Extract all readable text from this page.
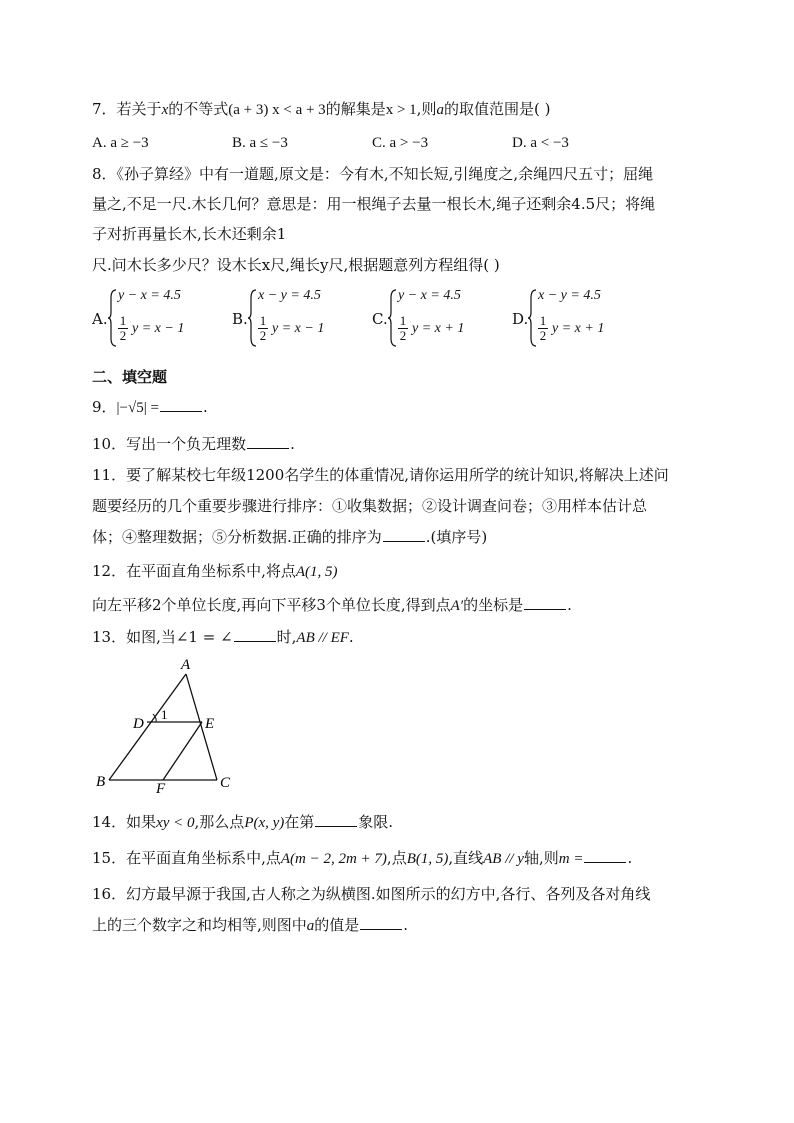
7．若关于x的不等式(a + 3) x < a + 3的解集是x > 1,则a的取值范围是( )
A. a ≥ −3	B. a ≤ −3	C. a > −3	D. a < −3
8．《孙子算经》中有一道题,原文是：今有木,不知长短,引绳度之,余绳四尺五寸；屈绳
量之,不足一尺.木长几何？意思是：用一根绳子去量一根长木,绳子还剩余4.5尺；将绳
子对折再量长木,长木还剩余1
尺.问木长多少尺？设木长x尺,绳长y尺,根据题意列方程组得( )
A.
y − x = 4.5
$\frac{1}{2}$ y = x − 1
B.
x − y = 4.5
$\frac{1}{2}$ y = x − 1
C.
y − x = 4.5
$\frac{1}{2}$ y = x + 1
D.
x − y = 4.5
$\frac{1}{2}$ y = x + 1
二、填空题
9．|−√5| =	.
10．写出一个负无理数	.
11．要了解某校七年级1200名学生的体重情况,请你运用所学的统计知识,将解决上述问
题要经历的几个重要步骤进行排序：①收集数据；②设计调查问卷；③用样本估计总
体；④整理数据；⑤分析数据.正确的排序为	.(填序号)
12．在平面直角坐标系中,将点A(1, 5)
向左平移2个单位长度,再向下平移3个单位长度,得到点A′的坐标是	.
13．如图,当∠1 = ∠	时,AB // EF.
A
D	E
B	F	C
1
14．如果xy < 0,那么点P(x, y)在第	象限.
15．在平面直角坐标系中,点A(m − 2, 2m + 7),点B(1, 5),直线AB // y轴,则m =	.
16．幻方最早源于我国,古人称之为纵横图.如图所示的幻方中,各行、各列及各对角线
上的三个数字之和均相等,则图中a的值是	.
